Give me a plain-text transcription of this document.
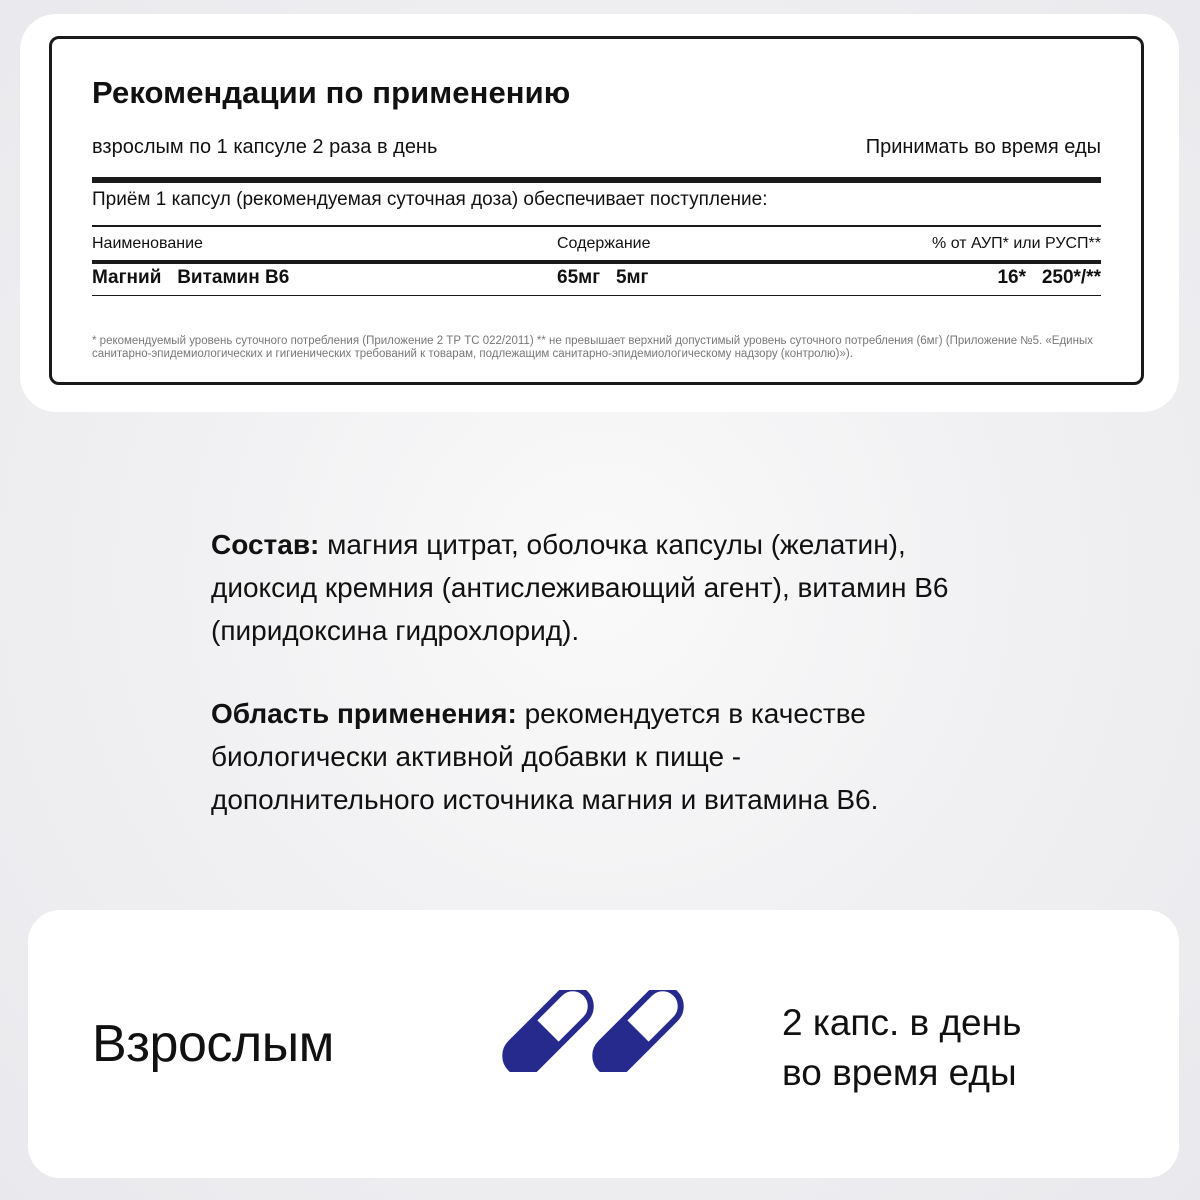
Рекомендации по применению
взрослым по 1 капсуле 2 раза в день	Принимать во время еды
Приём 1 капсул (рекомендуемая суточная доза) обеспечивает поступление:
Наименование	Содержание	% от АУП* или РУСП**
Магний   Витамин В6	65мг   5мг	16*   250*/**
* рекомендуемый уровень суточного потребления (Приложение 2 ТР ТС 022/2011) ** не превышает верхний допустимый уровень суточного потребления (6мг) (Приложение №5. «Единых санитарно-эпидемиологических и гигиенических требований к товарам, подлежащим санитарно-эпидемиологическому надзору (контролю)»).

Состав: магния цитрат, оболочка капсулы (желатин), диоксид кремния (антислеживающий агент), витамин В6 (пиридоксина гидрохлорид).

Область применения: рекомендуется в качестве биологически активной добавки к пище - дополнительного источника магния и витамина В6.

Взрослым	2 капс. в день
во время еды
